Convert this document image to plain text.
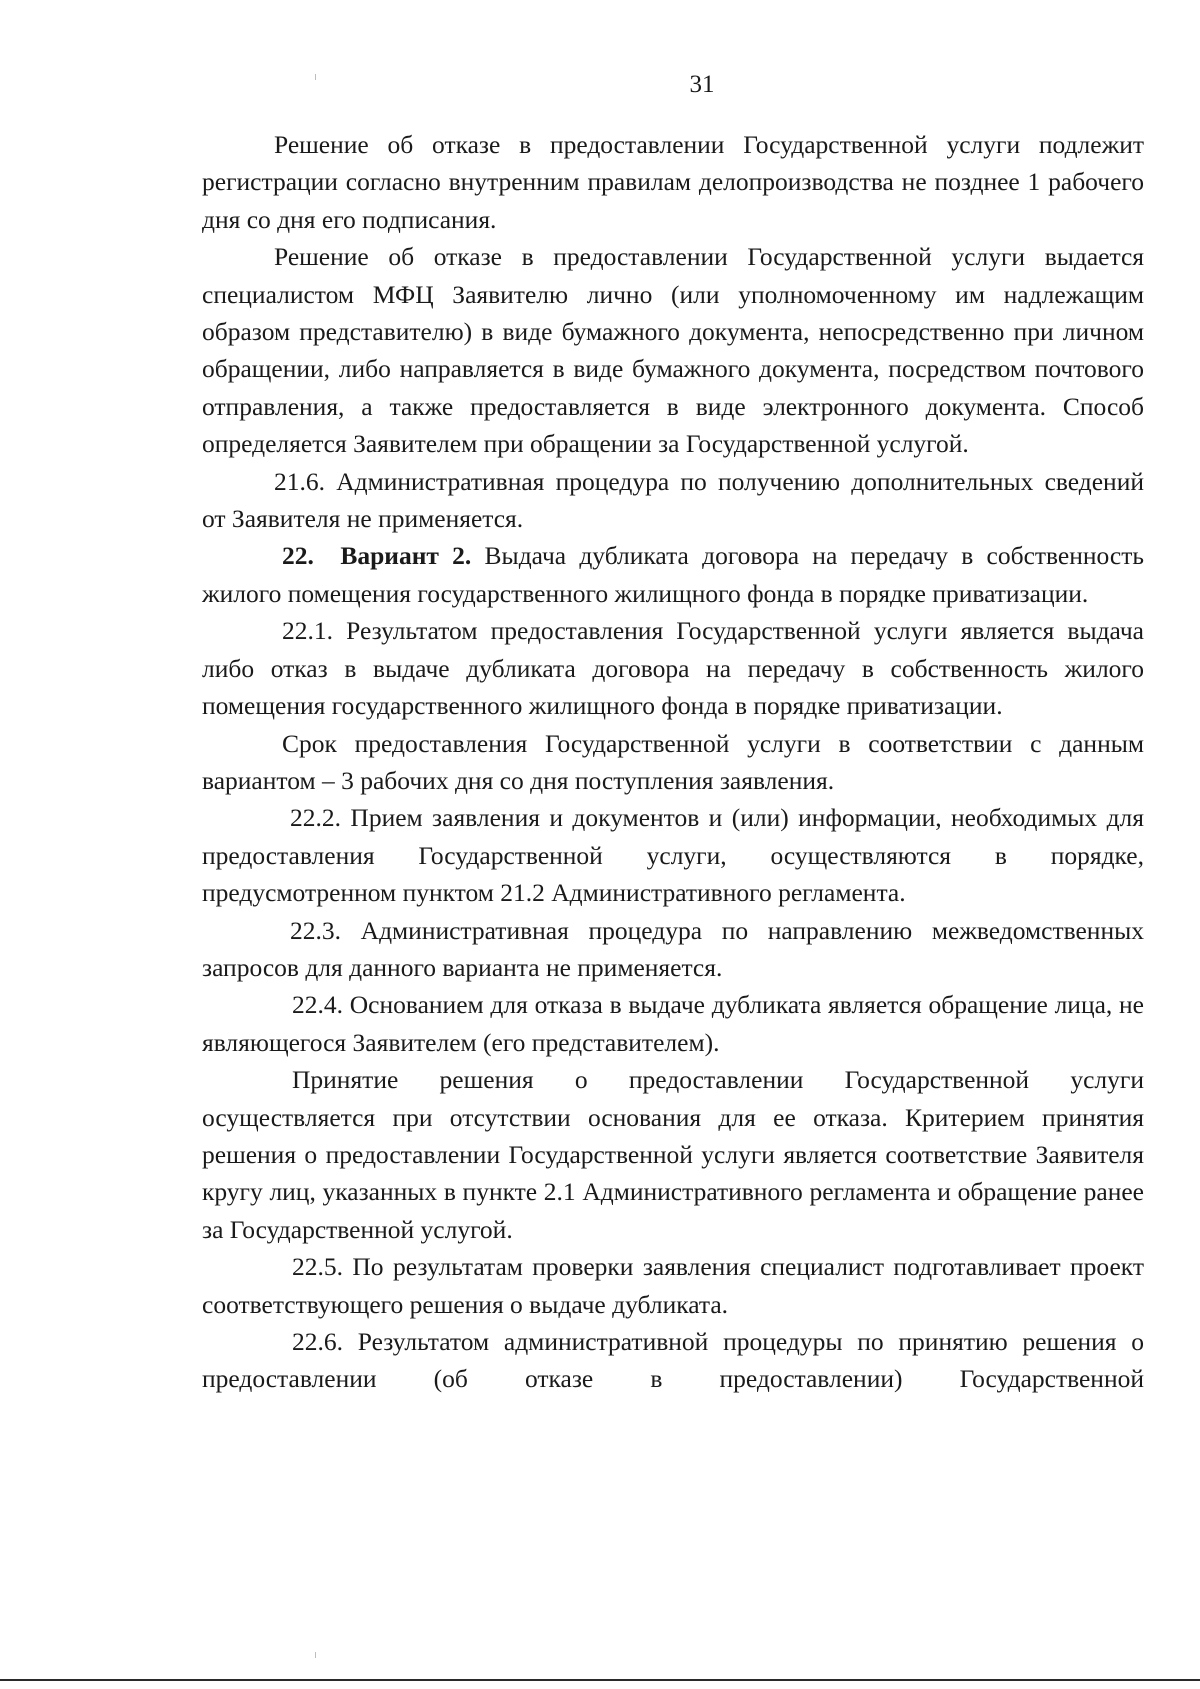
31

Решение об отказе в предоставлении Государственной услуги подлежит регистрации согласно внутренним правилам делопроизводства не позднее 1 рабочего дня со дня его подписания.

Решение об отказе в предоставлении Государственной услуги выдается специалистом МФЦ Заявителю лично (или уполномоченному им надлежащим образом представителю) в виде бумажного документа, непосредственно при личном обращении, либо направляется в виде бумажного документа, посредством почтового отправления, а также предоставляется в виде электронного документа. Способ определяется Заявителем при обращении за Государственной услугой.

21.6. Административная процедура по получению дополнительных сведений от Заявителя не применяется.

22. Вариант 2. Выдача дубликата договора на передачу в собственность жилого помещения государственного жилищного фонда в порядке приватизации.

22.1. Результатом предоставления Государственной услуги является выдача либо отказ в выдаче дубликата договора на передачу в собственность жилого помещения государственного жилищного фонда в порядке приватизации.

Срок предоставления Государственной услуги в соответствии с данным вариантом – 3 рабочих дня со дня поступления заявления.

22.2. Прием заявления и документов и (или) информации, необходимых для предоставления Государственной услуги, осуществляются в порядке, предусмотренном пунктом 21.2 Административного регламента.

22.3. Административная процедура по направлению межведомственных запросов для данного варианта не применяется.

22.4. Основанием для отказа в выдаче дубликата является обращение лица, не являющегося Заявителем (его представителем).

Принятие решения о предоставлении Государственной услуги осуществляется при отсутствии основания для ее отказа. Критерием принятия решения о предоставлении Государственной услуги является соответствие Заявителя кругу лиц, указанных в пункте 2.1 Административного регламента и обращение ранее за Государственной услугой.

22.5. По результатам проверки заявления специалист подготавливает проект соответствующего решения о выдаче дубликата.

22.6. Результатом административной процедуры по принятию решения о предоставлении (об отказе в предоставлении) Государственной
